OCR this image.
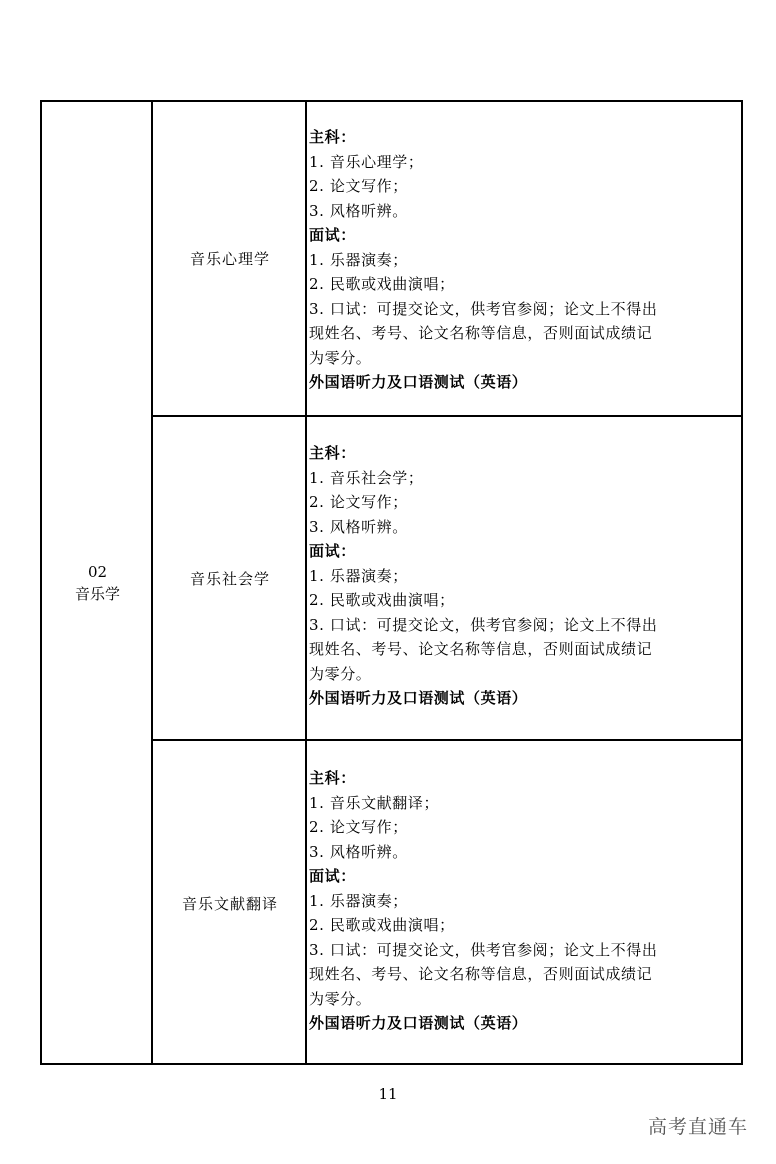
02
音乐学
音乐心理学
主科：
1. 音乐心理学；
2. 论文写作；
3. 风格听辨。
面试：
1. 乐器演奏；
2. 民歌或戏曲演唱；
3. 口试：可提交论文，供考官参阅；论文上不得出
现姓名、考号、论文名称等信息，否则面试成绩记
为零分。
外国语听力及口语测试（英语）
音乐社会学
主科：
1. 音乐社会学；
2. 论文写作；
3. 风格听辨。
面试：
1. 乐器演奏；
2. 民歌或戏曲演唱；
3. 口试：可提交论文，供考官参阅；论文上不得出
现姓名、考号、论文名称等信息，否则面试成绩记
为零分。
外国语听力及口语测试（英语）
音乐文献翻译
主科：
1. 音乐文献翻译；
2. 论文写作；
3. 风格听辨。
面试：
1. 乐器演奏；
2. 民歌或戏曲演唱；
3. 口试：可提交论文，供考官参阅；论文上不得出
现姓名、考号、论文名称等信息，否则面试成绩记
为零分。
外国语听力及口语测试（英语）
11
高考直通车
